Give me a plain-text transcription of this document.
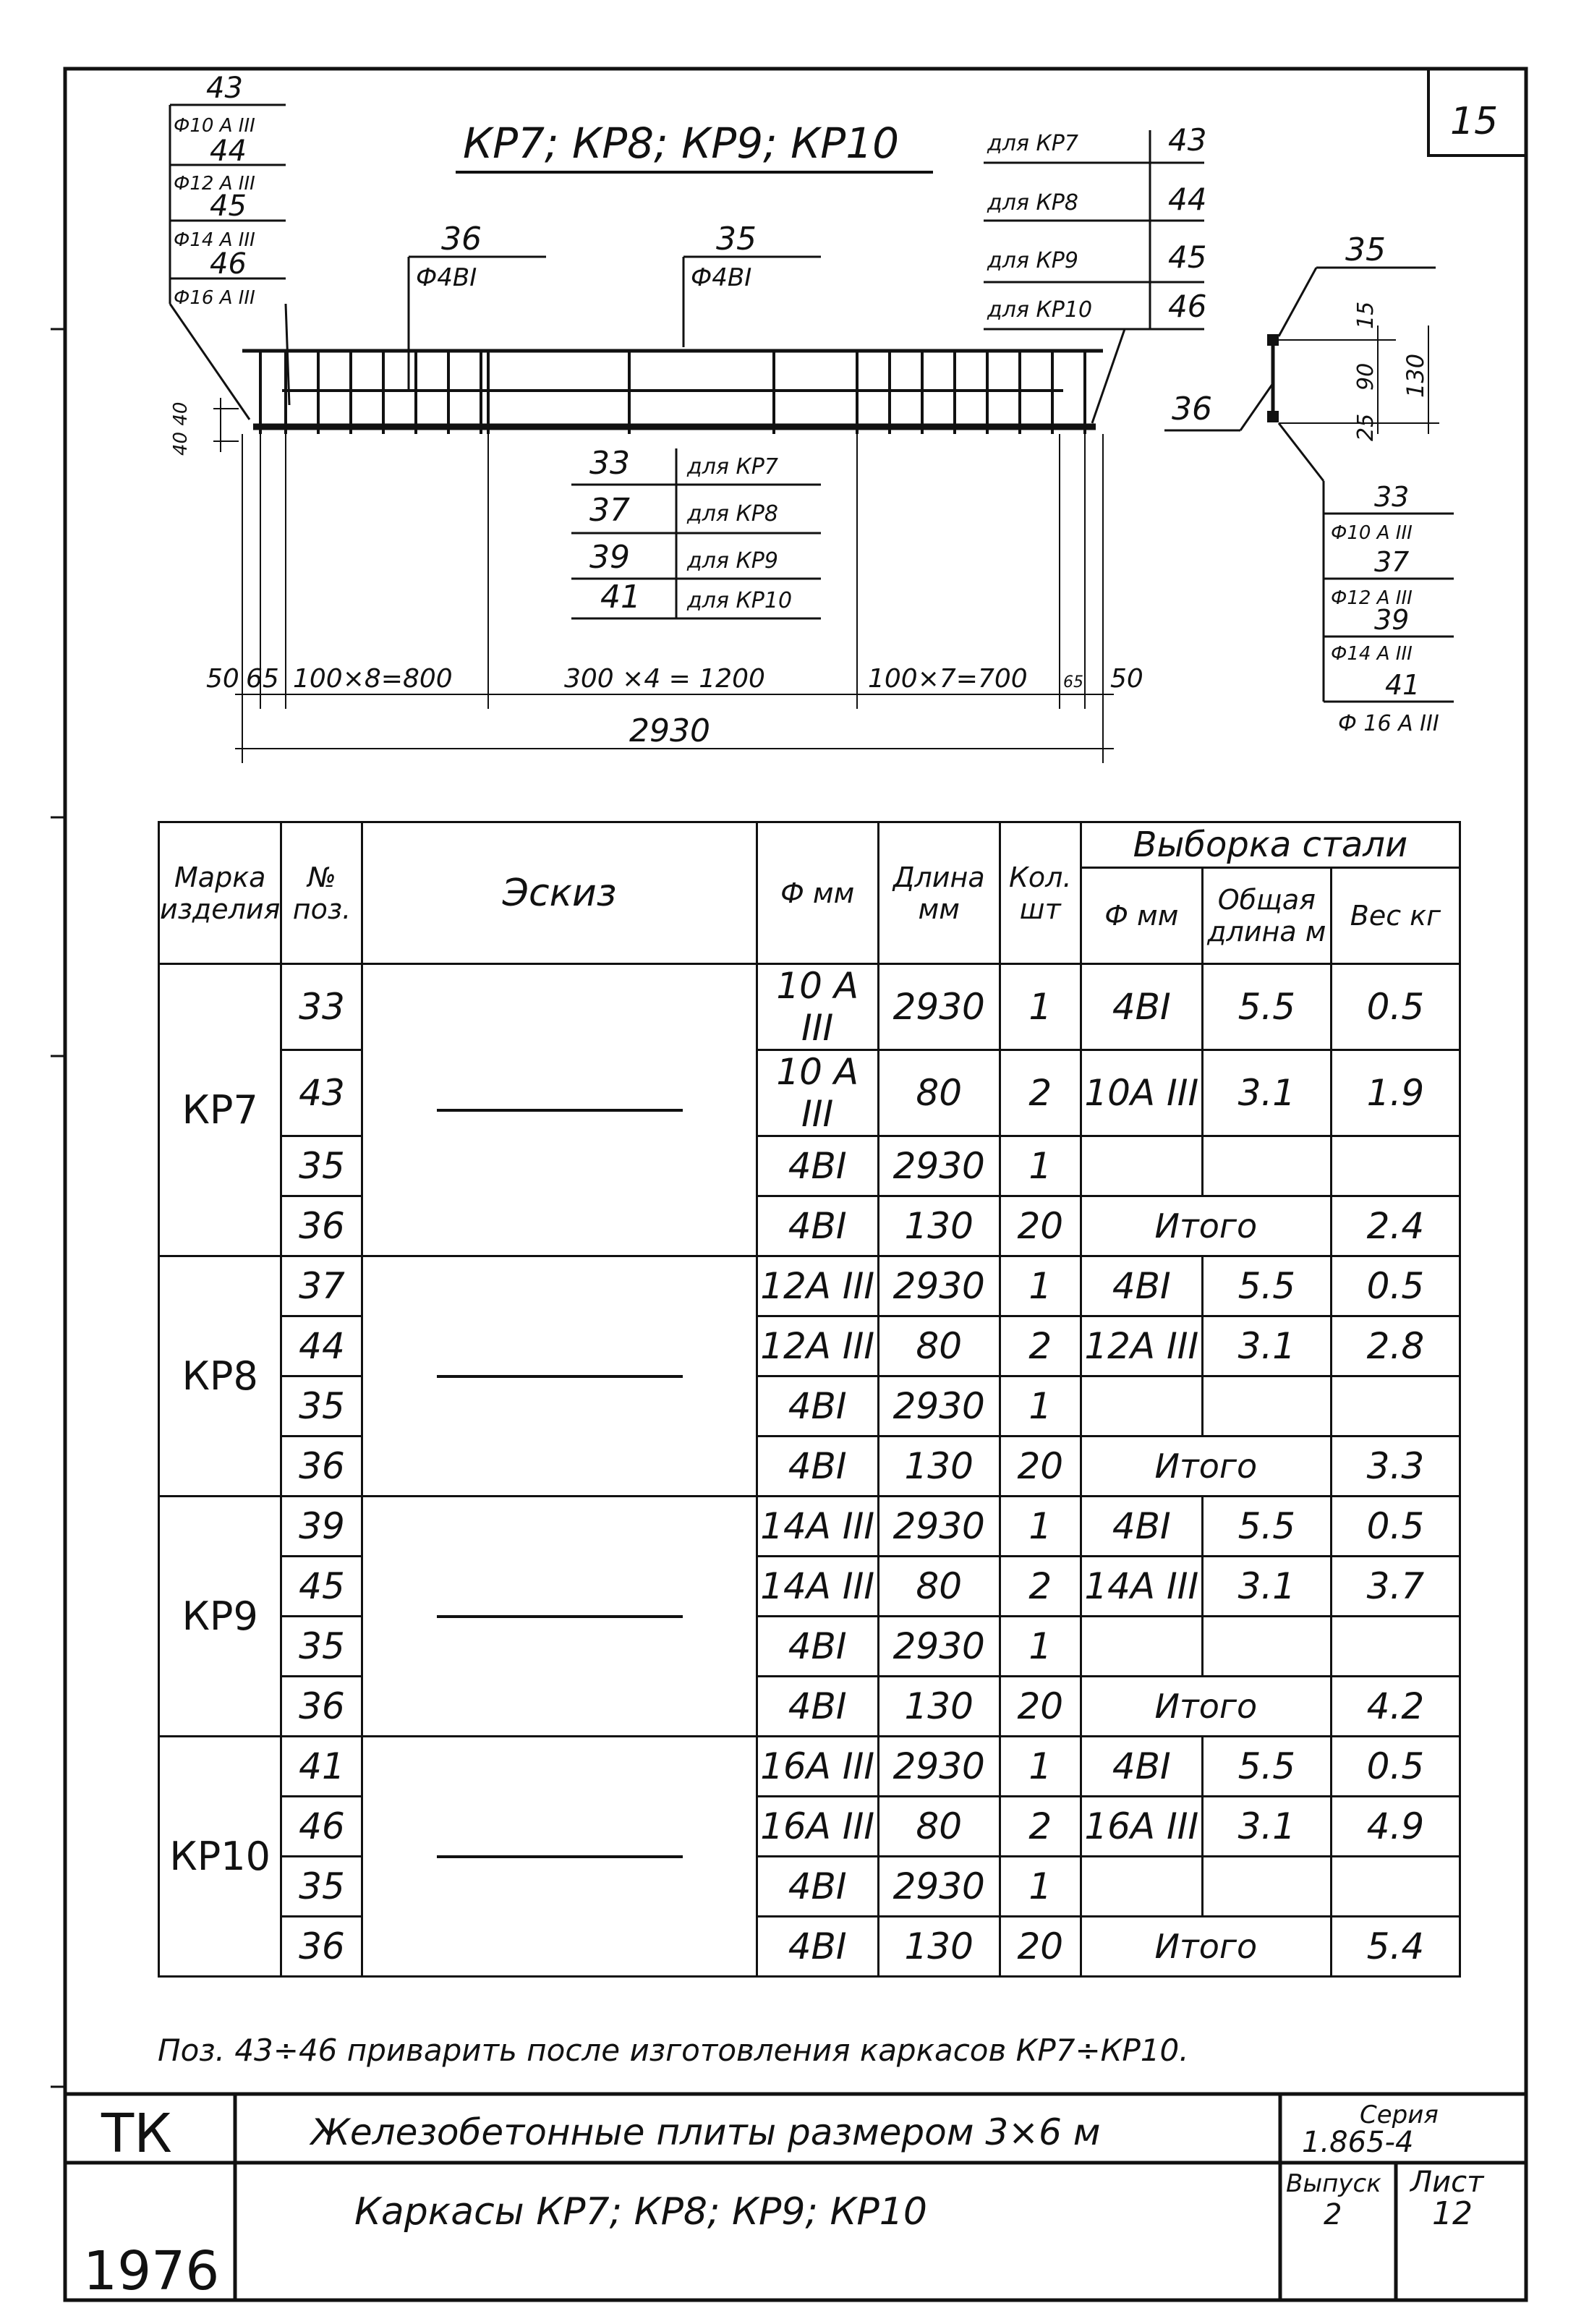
15
КР7; КР8; КР9; КР10
43
Ф10 А III
44
Ф12 А III
45
Ф14 А III
46
Ф16 А III
36
Ф4ВI
35
Ф4ВI
для КР7	43
для КР8	44
для КР9	45
для КР10 46
33	для КР7
37	для КР8
39	для КР9
41 для КР10
50 65 100×8=800	300 ×4 = 1200	100×7=700 65 50
2930
40 40
35
36
15
90
25
130
33
Ф10 А III
37
Ф12 А III
39
Ф14 А III
41
Ф 16 А III
ТК
1976
Железобетонные плиты размером 3×6 м
Каркасы КР7; КР8; КР9; КР10
Серия
1.865-4
Выпуск
2
Лист
12
Марка изделия	№ поз.	Эскиз	Ф мм	Длина мм	Кол. шт	Выборка стали		
						Ф мм	Общая длина м	Вес кг
КР7	33		10 А III	2930	1	4ВI	5.5	0.5
	43		10 А III	80	2	10А III	3.1	1.9
	35		4ВI	2930	1			
	36		4ВI	130	20	Итого		2.4
КР8	37		12А III	2930	1	4ВI	5.5	0.5
	44		12А III	80	2	12А III	3.1	2.8
	35		4ВI	2930	1			
	36		4ВI	130	20	Итого		3.3
КР9	39		14А III	2930	1	4ВI	5.5	0.5
	45		14А III	80	2	14А III	3.1	3.7
	35		4ВI	2930	1			
	36		4ВI	130	20	Итого		4.2
КР10	41		16А III	2930	1	4ВI	5.5	0.5
	46		16А III	80	2	16А III	3.1	4.9
	35		4ВI	2930	1			
	36		4ВI	130	20	Итого		5.4
Поз. 43÷46 приварить после изготовления каркасов КР7÷КР10.
